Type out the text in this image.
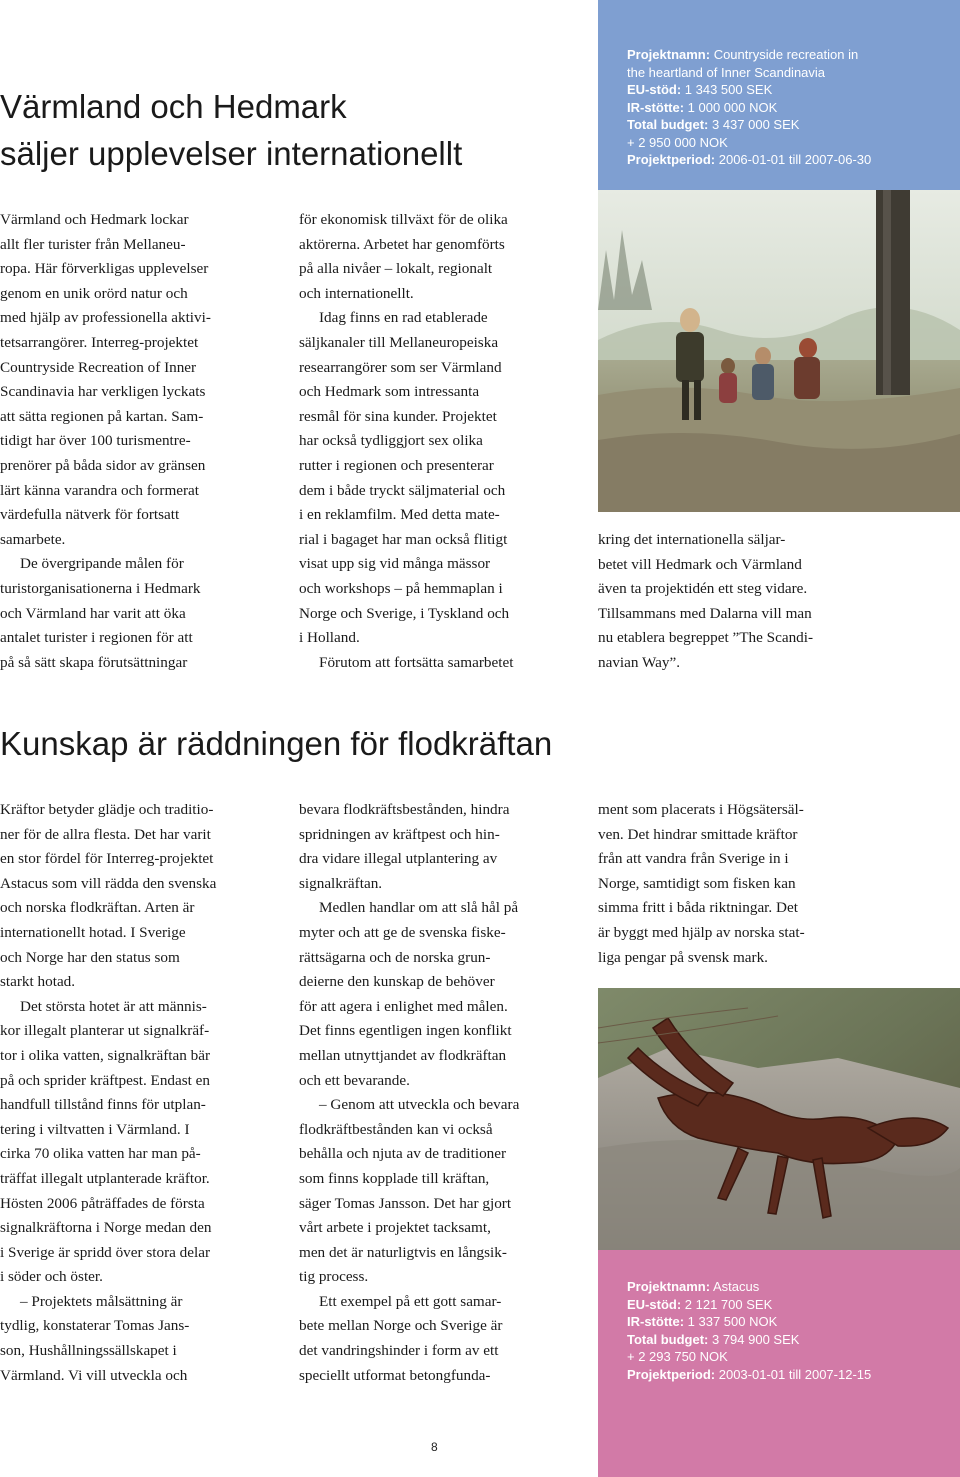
Värmland och Hedmark
säljer upplevelser internationellt
Projektnamn: Countryside recreation in
the heartland of Inner Scandinavia
EU-stöd: 1 343 500 SEK
IR-stötte: 1 000 000 NOK
Total budget: 3 437 000 SEK
+ 2 950 000 NOK
Projektperiod: 2006-01-01 till 2007-06-30

Värmland och Hedmark lockar
allt fler turister från Mellaneu-
ropa. Här förverkligas upplevelser
genom en unik orörd natur och
med hjälp av professionella aktivi-
tetsarrangörer. Interreg-projektet
Countryside Recreation of Inner
Scandinavia har verkligen lyckats
att sätta regionen på kartan. Sam-
tidigt har över 100 turismentre-
prenörer på båda sidor av gränsen
lärt känna varandra och formerat
värdefulla nätverk för fortsatt
samarbete.

De övergripande målen för
turistorganisationerna i Hedmark
och Värmland har varit att öka
antalet turister i regionen för att
på så sätt skapa förutsättningar

för ekonomisk tillväxt för de olika
aktörerna. Arbetet har genomförts
på alla nivåer – lokalt, regionalt
och internationellt.

Idag finns en rad etablerade
säljkanaler till Mellaneuropeiska
researrangörer som ser Värmland
och Hedmark som intressanta
resmål för sina kunder. Projektet
har också tydliggjort sex olika
rutter i regionen och presenterar
dem i både tryckt säljmaterial och
i en reklamfilm. Med detta mate-
rial i bagaget har man också flitigt
visat upp sig vid många mässor
och workshops – på hemmaplan i
Norge och Sverige, i Tyskland och
i Holland.

Förutom att fortsätta samarbetet

kring det internationella säljar-
betet vill Hedmark och Värmland
även ta projektidén ett steg vidare.
Tillsammans med Dalarna vill man
nu etablera begreppet ”The Scandi-
navian Way”.

Kunskap är räddningen för flodkräftan

Kräftor betyder glädje och traditio-
ner för de allra flesta. Det har varit
en stor fördel för Interreg-projektet
Astacus som vill rädda den svenska
och norska flodkräftan. Arten är
internationellt hotad. I Sverige
och Norge har den status som
starkt hotad.

Det största hotet är att männis-
kor illegalt planterar ut signalkräf-
tor i olika vatten, signalkräftan bär
på och sprider kräftpest. Endast en
handfull tillstånd finns för utplan-
tering i viltvatten i Värmland. I
cirka 70 olika vatten har man på-
träffat illegalt utplanterade kräftor.
Hösten 2006 påträffades de första
signalkräftorna i Norge medan den
i Sverige är spridd över stora delar
i söder och öster.

– Projektets målsättning är
tydlig, konstaterar Tomas Jans-
son, Hushållningssällskapet i
Värmland. Vi vill utveckla och

bevara flodkräftsbestånden, hindra
spridningen av kräftpest och hin-
dra vidare illegal utplantering av
signalkräftan.

Medlen handlar om att slå hål på
myter och att ge de svenska fiske-
rättsägarna och de norska grun-
deierne den kunskap de behöver
för att agera i enlighet med målen.
Det finns egentligen ingen konflikt
mellan utnyttjandet av flodkräftan
och ett bevarande.

– Genom att utveckla och bevara
flodkräftbestånden kan vi också
behålla och njuta av de traditioner
som finns kopplade till kräftan,
säger Tomas Jansson. Det har gjort
vårt arbete i projektet tacksamt,
men det är naturligtvis en långsik-
tig process.

Ett exempel på ett gott samar-
bete mellan Norge och Sverige är
det vandringshinder i form av ett
speciellt utformat betongfunda-

ment som placerats i Högsätersäl-
ven. Det hindrar smittade kräftor
från att vandra från Sverige in i
Norge, samtidigt som fisken kan
simma fritt i båda riktningar. Det
är byggt med hjälp av norska stat-
liga pengar på svensk mark.

Projektnamn: Astacus
EU-stöd: 2 121 700 SEK
IR-stötte: 1 337 500 NOK
Total budget: 3 794 900 SEK
+ 2 293 750 NOK
Projektperiod: 2003-01-01 till 2007-12-15
8
